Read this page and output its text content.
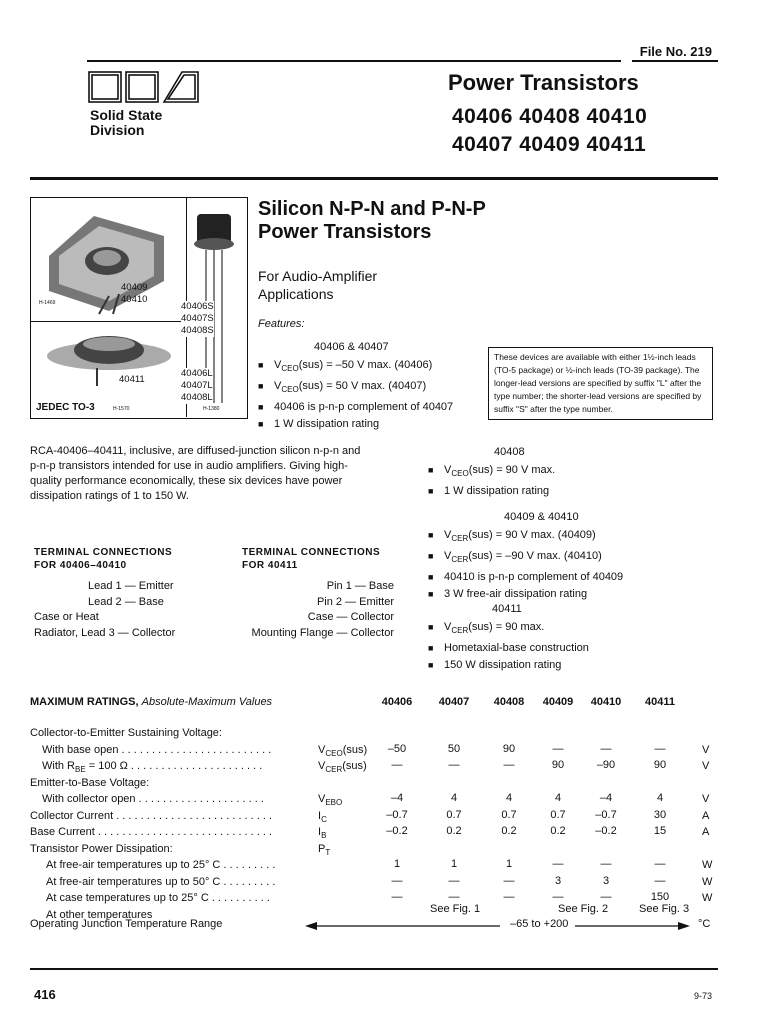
File No. 219
Solid State
Division
Power Transistors
40406 40408 40410
40407 40409 40411
40409
40410
H-1469	40406S
40407S
40408S
40406L
40407L
40408L
40411
JEDEC TO-3	H-1570	H-1380
Silicon N-P-N and P-N-P
Power Transistors
For Audio-Amplifier
Applications
Features:
40406 & 40407
■ $V_{CEO}(sus) = -50$ V max. (40406)
■ $V_{CEO}(sus) = 50$ V max. (40407)
■ 40406 is p-n-p complement of 40407
■ 1 W dissipation rating
These devices are available with either 1½-inch leads (TO-5 package) or ½-inch leads (TO-39 package). The longer-lead versions are specified by suffix "L" after the type number; the shorter-lead versions are specified by suffix "S" after the type number.
RCA-40406–40411, inclusive, are diffused-junction silicon n-p-n and p-n-p transistors intended for use in audio amplifiers. Giving high-quality performance economically, these six devices have power dissipation ratings of 1 to 150 W.
40408
■ $V_{CEO}(sus) = 90$ V max.
■ 1 W dissipation rating
40409 & 40410
■ $V_{CER}(sus) = 90$ V max. (40409)
■ $V_{CER}(sus) = -90$ V max. (40410)
■ 40410 is p-n-p complement of 40409
■ 3 W free-air dissipation rating
40411
■ $V_{CER}(sus) = 90$ max.
■ Hometaxial-base construction
■ 150 W dissipation rating
TERMINAL CONNECTIONS
FOR 40406–40410
Lead 1 — Emitter
Lead 2 — Base
Case or Heat
Radiator, Lead 3 — Collector
TERMINAL CONNECTIONS
FOR 40411
Pin 1 — Base
Pin 2 — Emitter
Case — Collector
Mounting Flange — Collector
MAXIMUM RATINGS, Absolute-Maximum Values	40406	40407	40408	40409	40410	40411
Collector-to-Emitter Sustaining Voltage:
With base open . . . . . . . . . . . . . . . . . . . . . . . . .	$V_{CEO}(sus)$	–50	50	90	—	—	—	V
With $R_{BE} = 100$ Ω . . . . . . . . . . . . . . . . . . . . . .	$V_{CER}(sus)$	—	—	—	90	–90	90	V
Emitter-to-Base Voltage:
With collector open . . . . . . . . . . . . . . . . . . . . .	$V_{EBO}$	–4	4	4	4	–4	4	V
Collector Current . . . . . . . . . . . . . . . . . . . . . . . . . .	$I_C$	–0.7	0.7	0.7	0.7	–0.7	30	A
Base Current . . . . . . . . . . . . . . . . . . . . . . . . . . . . .	$I_B$	–0.2	0.2	0.2	0.2	–0.2	15	A
Transistor Power Dissipation:	$P_T$
At free-air temperatures up to 25° C . . . . . . . . .	1	1	1	—	—	—	W
At free-air temperatures up to 50° C . . . . . . . . .	—	—	—	3	3	—	W
At case temperatures up to 25° C . . . . . . . . . .	—	—	—	—	—	150	W
At other temperatures	See Fig. 1	See Fig. 2	See Fig. 3
Operating Junction Temperature Range	–65 to +200	°C
416	9-73
